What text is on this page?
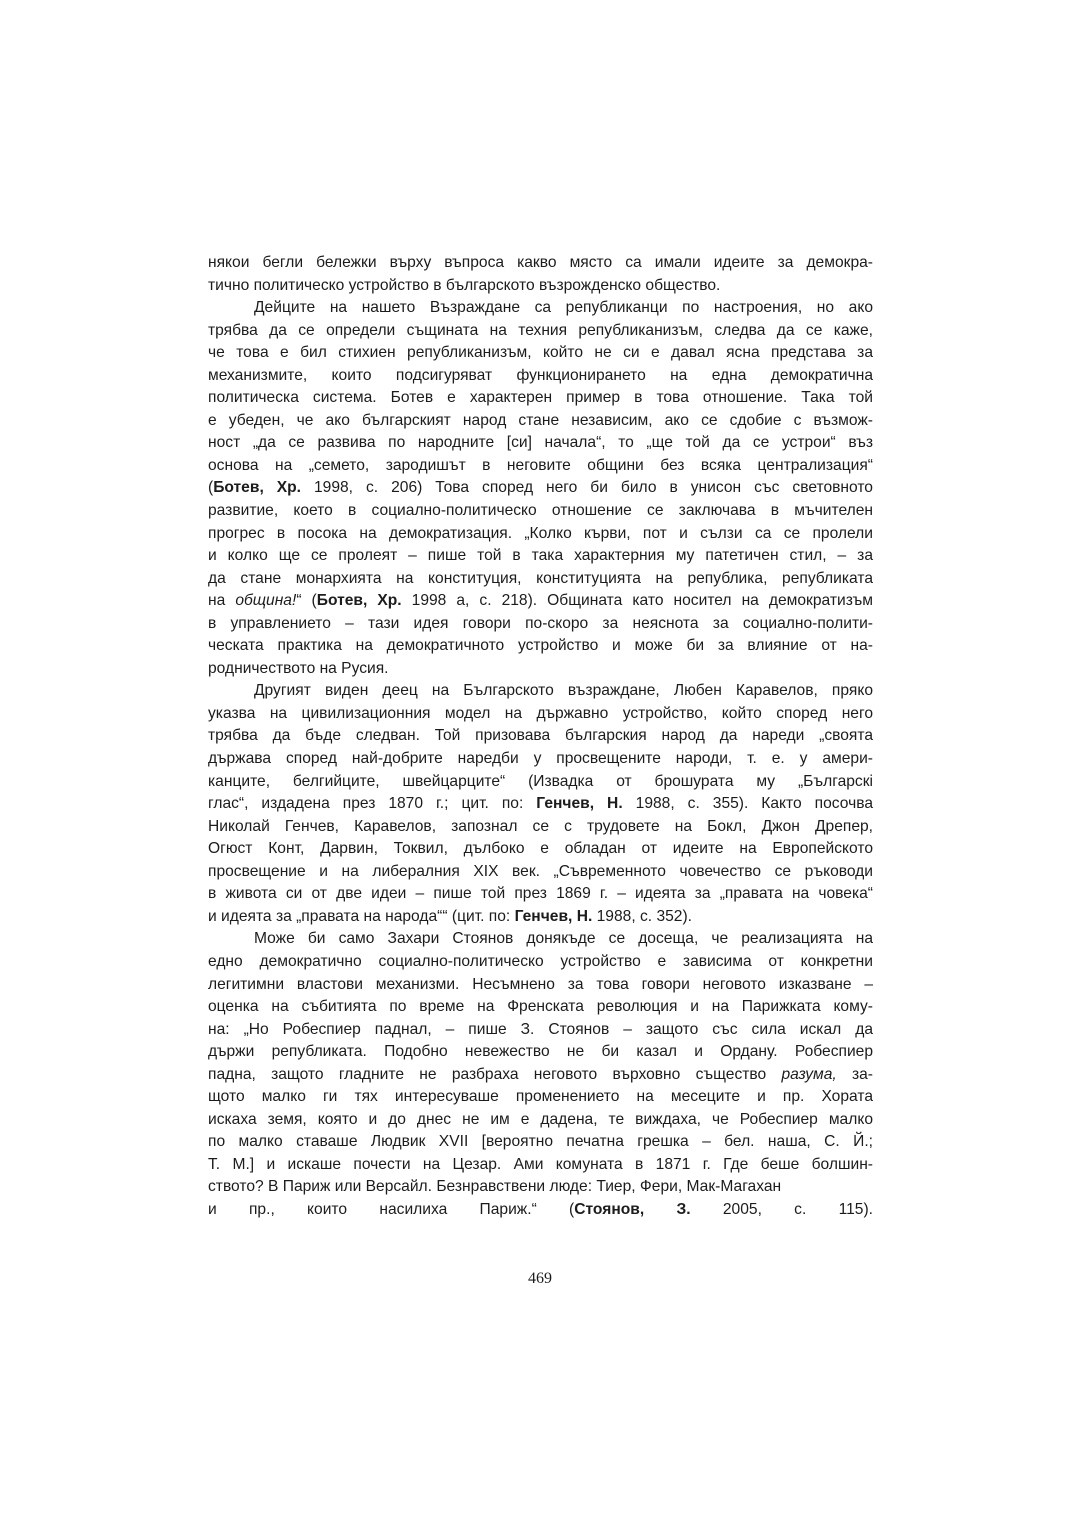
някои бегли бележки върху въпроса какво място са имали идеите за демокра-
тично политическо устройство в българското възрожденско общество.
Дейците на нашето Възраждане са републиканци по настроения, но ако
трябва да се определи същината на техния републиканизъм, следва да се каже,
че това е бил стихиен републиканизъм, който не си е давал ясна представа за
механизмите, които подсигуряват функционирането на една демократична
политическа система. Ботев е характерен пример в това отношение. Така той
е убеден, че ако българският народ стане независим, ако се сдобие с възмож-
ност „да се развива по народните [си] начала“, то „ще той да се устрои“ въз
основа на „семето, зародишът в неговите общини без всяка централизация“
(Ботев, Хр. 1998, с. 206) Това според него би било в унисон със световното
развитие, което в социално-политическо отношение се заключава в мъчителен
прогрес в посока на демократизация. „Колко кърви, пот и сълзи са се пролели
и колко ще се пролеят – пише той в така характерния му патетичен стил, – за
да стане монархията на конституция, конституцията на република, републиката
на община!“ (Ботев, Хр. 1998 а, с. 218). Общината като носител на демократизъм
в управлението – тази идея говори по-скоро за неяснота за социално-полити-
ческата практика на демократичното устройство и може би за влияние от на-
родничеството на Русия.
Другият виден деец на Българското възраждане, Любен Каравелов, пряко
указва на цивилизационния модел на държавно устройство, който според него
трябва да бъде следван. Той призовава българския народ да нареди „своята
държава според най-добрите наредби у просвещените народи, т. е. у амери-
канците, белгийците, швейцарците“ (Извадка от брошурата му „Българскi
глас“, издадена през 1870 г.; цит. по: Генчев, Н. 1988, с. 355). Както посочва
Николай Генчев, Каравелов, запознал се с трудовете на Бокл, Джон Дрепер,
Огюст Конт, Дарвин, Токвил, дълбоко е обладан от идеите на Европейското
просвещение и на либералния XIX век. „Съвременното човечество се ръководи
в живота си от две идеи – пише той през 1869 г. – идеята за „правата на човека“
и идеята за „правата на народа““ (цит. по: Генчев, Н. 1988, с. 352).
Може би само Захари Стоянов донякъде се досеща, че реализацията на
едно демократично социално-политическо устройство е зависима от конкретни
легитимни властови механизми. Несъмнено за това говори неговото изказване –
оценка на събитията по време на Френската революция и на Парижката кому-
на: „Но Робеспиер паднал, – пише З. Стоянов – защото със сила искал да
държи републиката. Подобно невежество не би казал и Ордану. Робеспиер
падна, защото гладните не разбраха неговото върховно същество разума, за-
щото малко ги тях интересуваше променението на месеците и пр. Хората
искаха земя, която и до днес не им е дадена, те виждаха, че Робеспиер малко
по малко ставаше Людвик XVII [вероятно печатна грешка – бел. наша, С. Й.;
Т. М.] и искаше почести на Цезар. Ами комуната в 1871 г. Где беше болшин-
ството? В Париж или Версайл. Безнравствени люде: Тиер, Фери, Мак-Магахан
и пр., които насилиха Париж.“ (Стоянов, З. 2005, с. 115).
469
